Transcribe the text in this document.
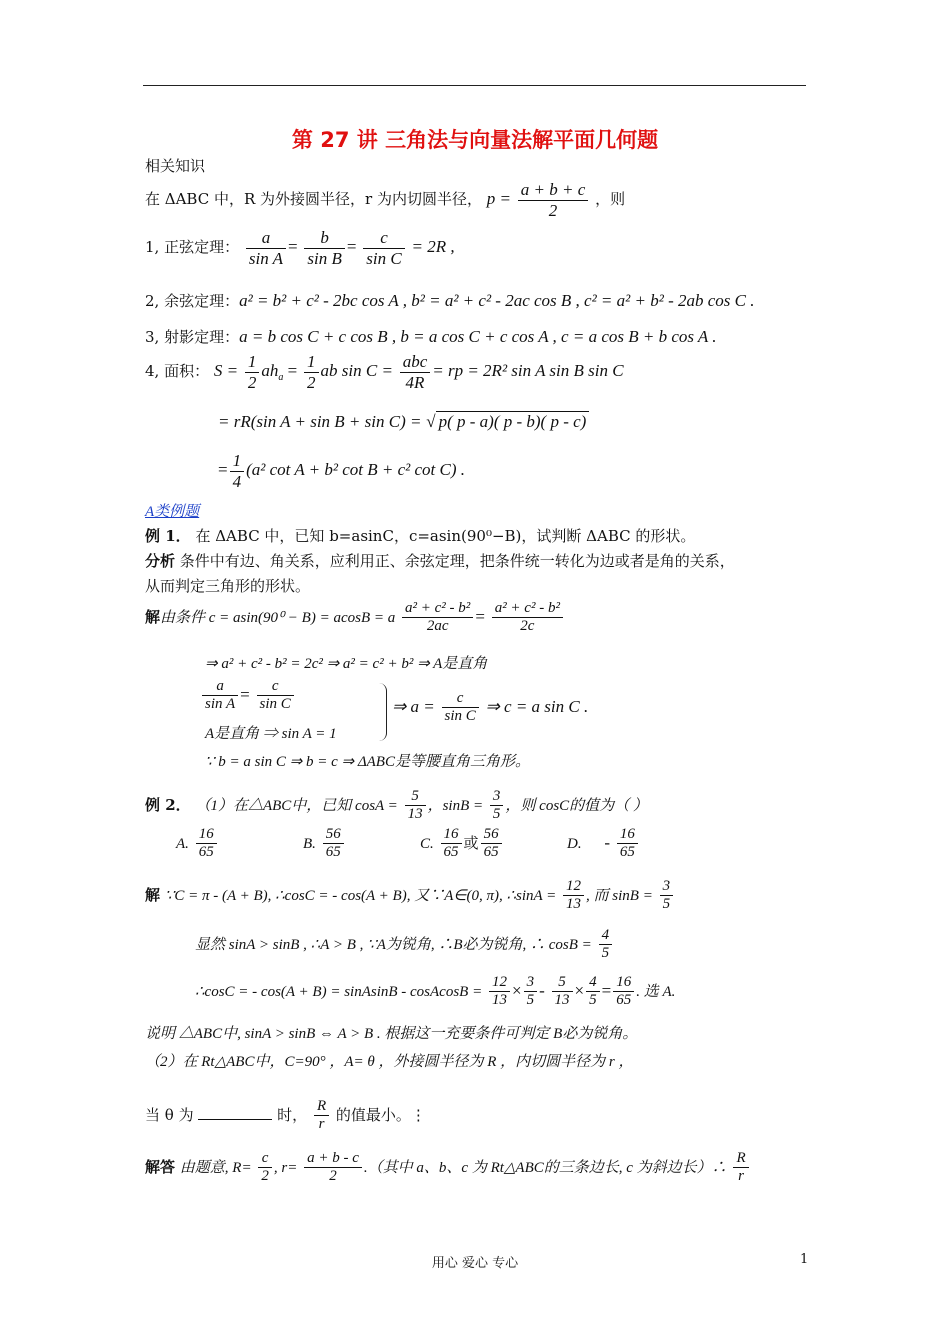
第 27 讲 三角法与向量法解平面几何题
相关知识
在 ΔABC 中，R 为外接圆半径，r 为内切圆半径， $p = \frac{a + b + c}{2}$ ，则
1, 正弦定理： $\frac{a}{\text{sin A}} = \frac{b}{\text{sin B}} = \frac{c}{\text{sin C}} = 2R$ ,
2, 余弦定理：a² = b² + c² - 2bc cos A , b² = a² + c² - 2ac cos B , c² = a² + b² - 2ab cos C .
3, 射影定理：a = b cos C + c cos B , b = a cos C + c cos A , c = a cos B + b cos A .
4, 面积： $S = \frac{1}{2} ah_a = \frac{1}{2}$ ab $\sin C = \frac{\text{abc}}{4R}$ = rp = 2R² sin A sin B sin C
= rR(sin A + sin B + sin C) = √ p( p - a)( p - b)( p - c)
= $\frac{1}{4} (a^2$ cot A + b² cot B + c² cot C) .
A类例题
例 1． 在 ΔABC 中，已知 b=asinC，c=asin(90⁰−B)，试判断 ΔABC 的形状。
分析 条件中有边、角关系，应利用正、余弦定理，把条件统一转化为边或者是角的关系，
从而判定三角形的形状。
解由条件 c = asin(90⁰ − B) = acosB = a $\frac{\text{a² + c² - b²}}{2ac} = \frac{\text{a² + c² - b²}}{2c}$
⇒ a² + c² - b² = 2c² ⇒ a² = c² + b² ⇒ A是直角
$\frac{a}{\text{sin A}} = \frac{c}{\text{sin C}}$
A是直角 ⇒ sin A = 1
⇒ $a = \frac{c}{\text{sin C}}$ ⇒ c = a sin C .
∵ b = a sin C ⇒ b = c ⇒ ΔABC是等腰直角三角形。
例 2． （1）在△ABC中，已知 $\cos A = \frac{5}{13}$ ，$\sin B = \frac{3}{5}$ ，则 cosC的值为（ ）
A. $\frac{16}{65}$	B. $\frac{56}{65}$	C. $\frac{16}{65}$ 或 $\frac{56}{65}$	D. - $\frac{16}{65}$
解 ∵C = π - (A + B), ∴cosC = - cos(A + B), 又∵A∈(0, π), ∴sinA = $\frac{12}{13}$ , 而 $\sin B = \frac{3}{5}$
显然 sinA > sinB , ∴A > B , ∵A为锐角, ∴B必为锐角, ∴ $\cos B = \frac{4}{5}$
∴cosC = - cos(A + B) = sinAsinB - cosAcosB = $\frac{12}{13} \times \frac{3}{5} - \frac{5}{13} \times \frac{4}{5} = \frac{16}{65}$ . 选 A.
说明 △ABC中, sinA > sinB ⇔ A > B . 根据这一充要条件可判定 B必为锐角。
（2）在 Rt△ABC中，C=90° ，A= θ ，外接圆半径为 R ，内切圆半径为 r ，
当 θ 为	时， $\frac{R}{r}$ 的值最小。⋮
解答 由题意, $R= \frac{c}{2}$ , $r= \frac{a + b - c}{2}$ .（其中 a、b、c 为 Rt△ABC的三条边长, c 为斜边长）∴ $\frac{R}{r}$
用心 爱心 专心	1
